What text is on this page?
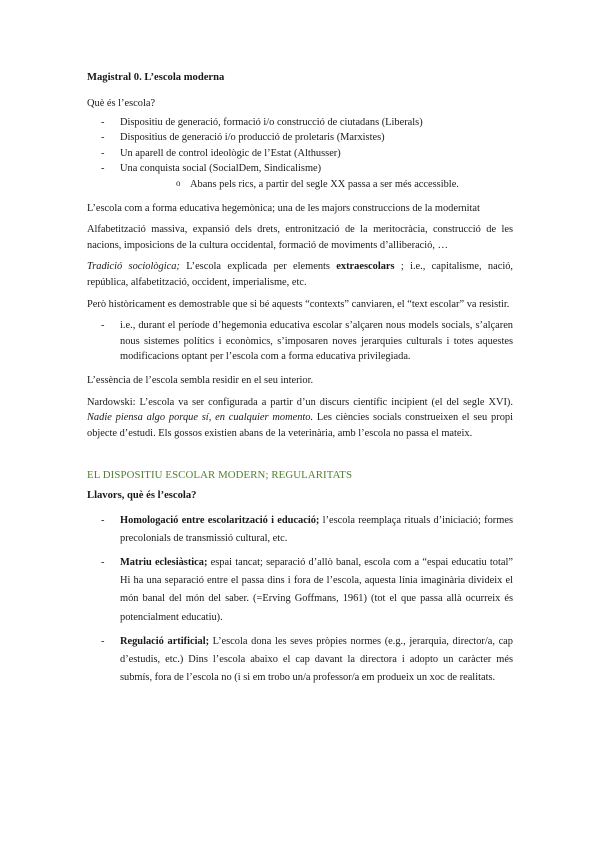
Magistral 0. L’escola moderna

Què és l’escola?

- Dispositiu de generació, formació i/o construcció de ciutadans (Liberals)
- Dispositius de generació i/o producció de proletaris (Marxistes)
- Un aparell de control ideològic de l’Estat (Althusser)
- Una conquista social (SocialDem, Sindicalisme)
o Abans pels rics, a partir del segle XX passa a ser més accessible.

L’escola com a forma educativa hegemònica; una de les majors construccions de la modernitat

Alfabetització massiva, expansió dels drets, entronització de la meritocràcia, construcció de les nacions, imposicions de la cultura occidental, formació de moviments d’alliberació, …

Tradició sociològica; L’escola explicada per elements extraescolars ; i.e., capitalisme, nació, república, alfabetització, occident, imperialisme, etc.

Però històricament es demostrable que si bé aquests “contexts” canviaren, el “text escolar” va resistir.

- i.e., durant el període d’hegemonia educativa escolar s’alçaren nous models socials, s’alçaren nous sistemes polítics i econòmics, s’imposaren noves jerarquies culturals i totes aquestes modificacions optant per l’escola com a forma educativa privilegiada.

L’essència de l’escola sembla residir en el seu interior.

Nardowski: L’escola va ser configurada a partir d’un discurs científic incipient (el del segle XVI). Nadie piensa algo porque sí, en cualquier momento. Les ciències socials construeixen el seu propi objecte d’estudi. Els gossos existien abans de la veterinària, amb l’escola no passa el mateix.

EL DISPOSITIU ESCOLAR MODERN; REGULARITATS
Llavors, què és l’escola?
- Homologació entre escolarització i educació; l’escola reemplaça rituals d’iniciació; formes precolonials de transmissió cultural, etc.
- Matriu eclesiàstica; espai tancat; separació d’allò banal, escola com a “espai educatiu total” Hi ha una separació entre el passa dins i fora de l’escola, aquesta línia imaginària divideix el món banal del món del saber. (=Erving Goffmans, 1961) (tot el que passa allà ocurreix és potencialment educatiu).
- Regulació artificial; L’escola dona les seves pròpies normes (e.g., jerarquia, director/a, cap d’estudis, etc.) Dins l’escola abaixo el cap davant la directora i adopto un caràcter més submís, fora de l’escola no (i si em trobo un/a professor/a em produeix un xoc de realitats.
